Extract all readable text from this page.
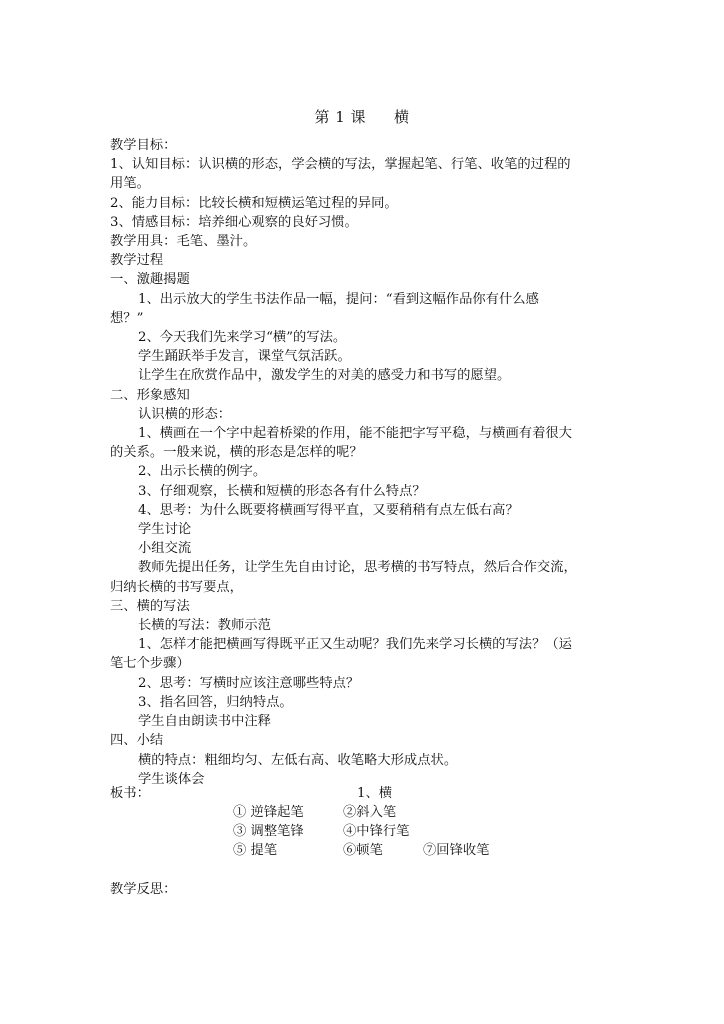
第 1 课 横

教学目标：

1、认知目标：认识横的形态，学会横的写法，掌握起笔、行笔、收笔的过程的

用笔。

2、能力目标：比较长横和短横运笔过程的异同。

3、情感目标：培养细心观察的良好习惯。

教学用具：毛笔、墨汁。

教学过程

一、激趣揭题

1、出示放大的学生书法作品一幅，提问：“看到这幅作品你有什么感

想？”

2、今天我们先来学习“横”的写法。

学生踊跃举手发言，课堂气氛活跃。

让学生在欣赏作品中，激发学生的对美的感受力和书写的愿望。

二、形象感知

认识横的形态：

1、横画在一个字中起着桥梁的作用，能不能把字写平稳，与横画有着很大

的关系。一般来说，横的形态是怎样的呢？

2、出示长横的例字。

3、仔细观察，长横和短横的形态各有什么特点？

4、思考：为什么既要将横画写得平直，又要稍稍有点左低右高？

学生讨论

小组交流

教师先提出任务，让学生先自由讨论，思考横的书写特点，然后合作交流，

归纳长横的书写要点，

三、横的写法

长横的写法：教师示范

1、怎样才能把横画写得既平正又生动呢？我们先来学习长横的写法？（运

笔七个步骤）

2、思考：写横时应该注意哪些特点？

3、指名回答，归纳特点。

学生自由朗读书中注释

四、小结

横的特点：粗细均匀、左低右高、收笔略大形成点状。

学生谈体会

板书：	1、横
① 逆锋起笔	②斜入笔
③ 调整笔锋	④中锋行笔
⑤ 提笔	⑥顿笔	⑦回锋收笔
教学反思：
